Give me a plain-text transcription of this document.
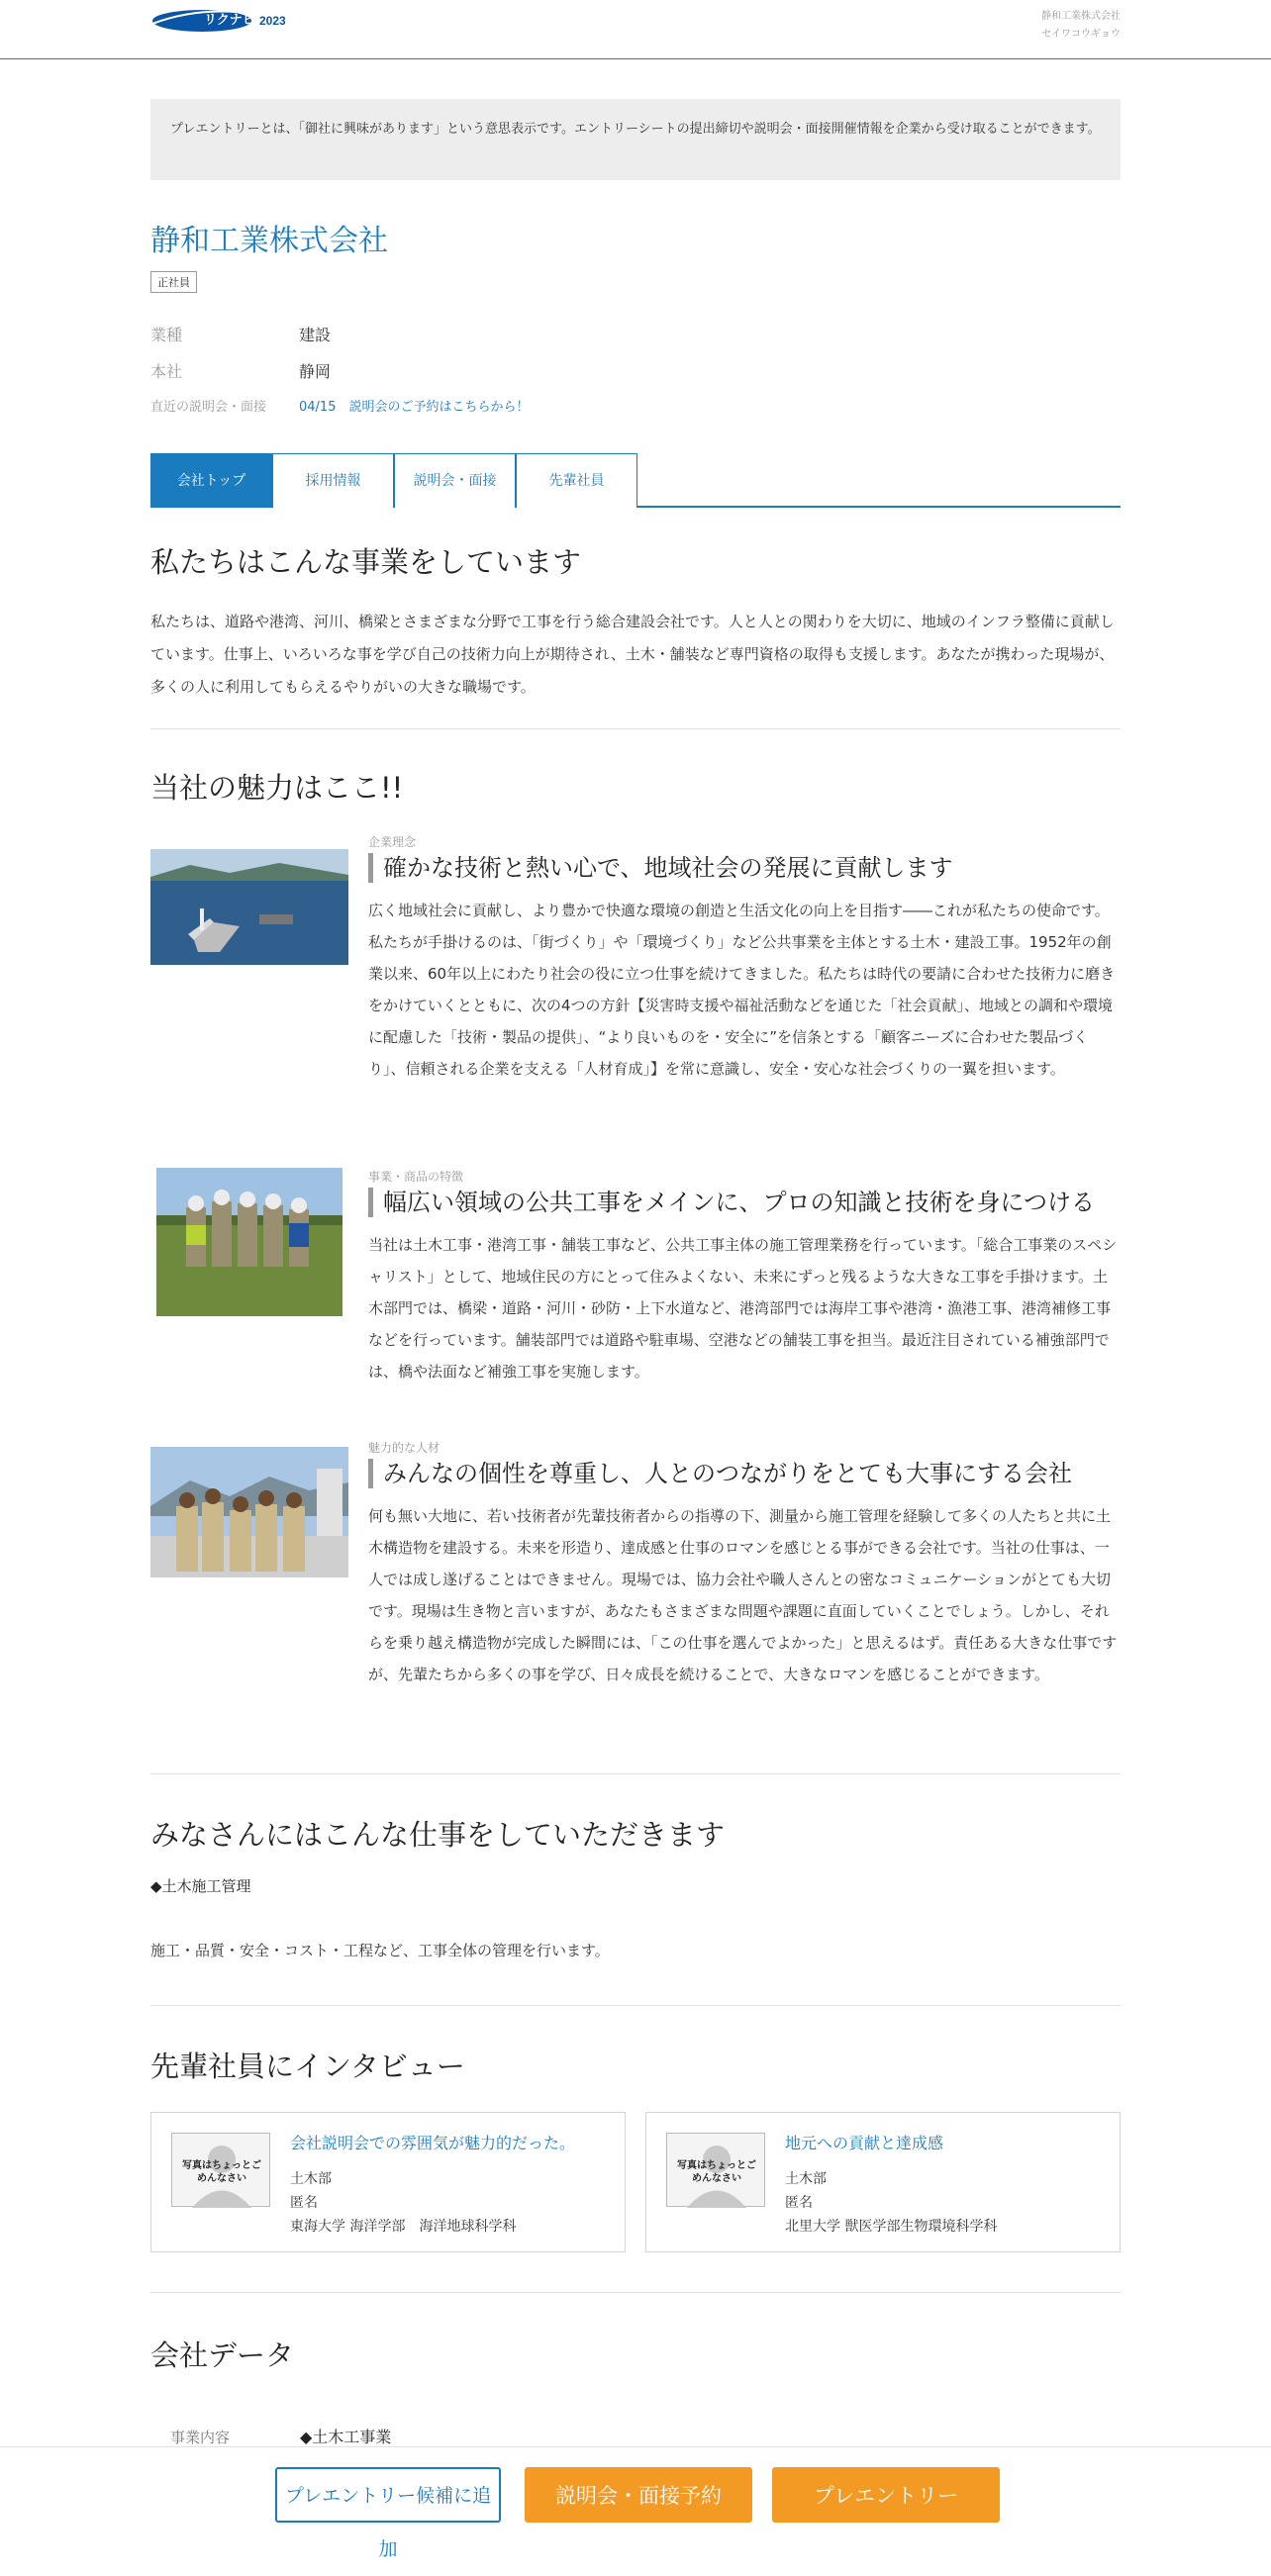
リクナビ 2023	静和工業株式会社
セイワコウギョウ
プレエントリーとは、「御社に興味があります」という意思表示です。エントリーシートの提出締切や説明会・面接開催情報を企業から受け取ることができます。
静和工業株式会社
正社員
業種	建設
本社	静岡
直近の説明会・面接	04/15　説明会のご予約はこちらから！
会社トップ	採用情報	説明会・面接	先輩社員
私たちはこんな事業をしています
私たちは、道路や港湾、河川、橋梁とさまざまな分野で工事を行う総合建設会社です。人と人との関わりを大切に、地域のインフラ整備に貢献しています。仕事上、いろいろな事を学び自己の技術力向上が期待され、土木・舗装など専門資格の取得も支援します。あなたが携わった現場が、多くの人に利用してもらえるやりがいの大きな職場です。
当社の魅力はここ!!
企業理念
確かな技術と熱い心で、地域社会の発展に貢献します
広く地域社会に貢献し、より豊かで快適な環境の創造と生活文化の向上を目指す――これが私たちの使命です。私たちが手掛けるのは、「街づくり」や「環境づくり」など公共事業を主体とする土木・建設工事。1952年の創業以来、60年以上にわたり社会の役に立つ仕事を続けてきました。私たちは時代の要請に合わせた技術力に磨きをかけていくとともに、次の4つの方針【災害時支援や福祉活動などを通じた「社会貢献」、地域との調和や環境に配慮した「技術・製品の提供」、“より良いものを・安全に”を信条とする「顧客ニーズに合わせた製品づくり」、信頼される企業を支える「人材育成」】を常に意識し、安全・安心な社会づくりの一翼を担います。
事業・商品の特徴
幅広い領域の公共工事をメインに、プロの知識と技術を身につける
当社は土木工事・港湾工事・舗装工事など、公共工事主体の施工管理業務を行っています。「総合工事業のスペシャリスト」として、地域住民の方にとって住みよくない、未来にずっと残るような大きな工事を手掛けます。土木部門では、橋梁・道路・河川・砂防・上下水道など、港湾部門では海岸工事や港湾・漁港工事、港湾補修工事などを行っています。舗装部門では道路や駐車場、空港などの舗装工事を担当。最近注目されている補強部門では、橋や法面など補強工事を実施します。
魅力的な人材
みんなの個性を尊重し、人とのつながりをとても大事にする会社
何も無い大地に、若い技術者が先輩技術者からの指導の下、測量から施工管理を経験して多くの人たちと共に土木構造物を建設する。未来を形造り、達成感と仕事のロマンを感じとる事ができる会社です。当社の仕事は、一人では成し遂げることはできません。現場では、協力会社や職人さんとの密なコミュニケーションがとても大切です。現場は生き物と言いますが、あなたもさまざまな問題や課題に直面していくことでしょう。しかし、それらを乗り越え構造物が完成した瞬間には、「この仕事を選んでよかった」と思えるはず。責任ある大きな仕事ですが、先輩たちから多くの事を学び、日々成長を続けることで、大きなロマンを感じることができます。
みなさんにはこんな仕事をしていただきます
◆土木施工管理
施工・品質・安全・コスト・工程など、工事全体の管理を行います。
先輩社員にインタビュー
写真はちょっとごめんなさい
会社説明会での雰囲気が魅力的だった。
土木部
匿名
東海大学 海洋学部　海洋地球科学科
写真はちょっとごめんなさい
地元への貢献と達成感
土木部
匿名
北里大学 獣医学部生物環境科学科
会社データ
事業内容	◆土木工事業
プレエントリー候補に追加
説明会・面接予約	プレエントリー
